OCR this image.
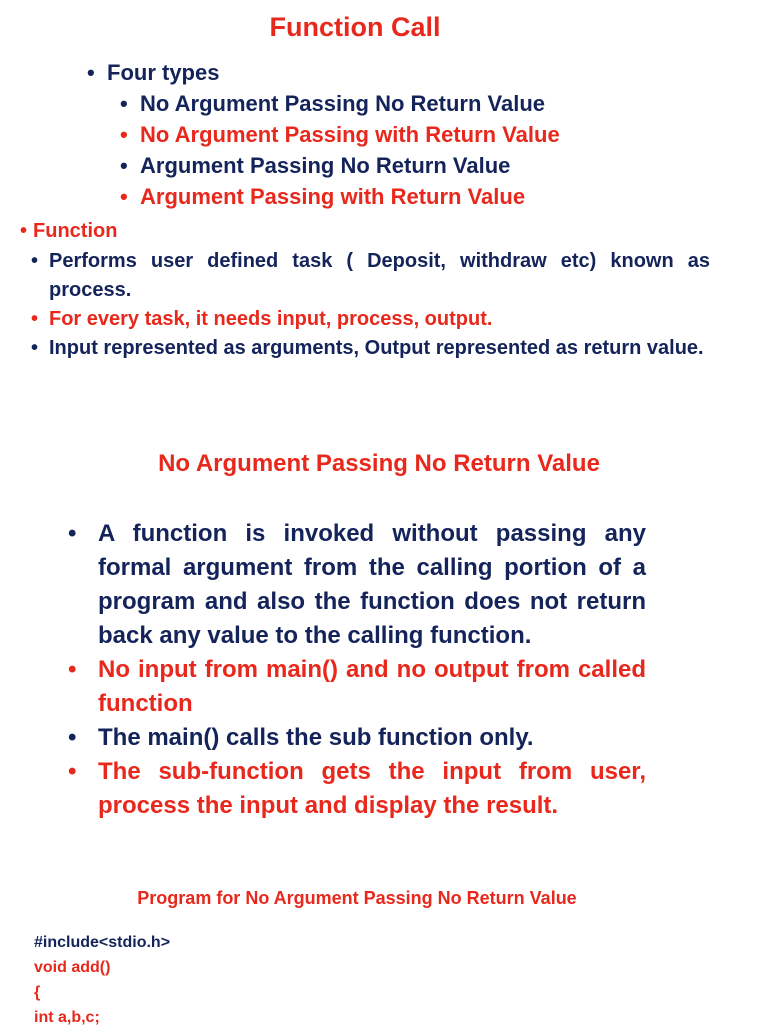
Function Call
• Four types
• No Argument Passing No Return Value
• No Argument Passing with Return Value
• Argument Passing No Return Value
• Argument Passing with Return Value
• Function
Performs user defined task ( Deposit, withdraw etc) known as process.
For every task, it needs input, process, output.
Input represented as arguments, Output represented as return value.
No Argument Passing No Return Value
• A function is invoked without passing any formal argument from the calling portion of a program and also the function does not return back any value to the calling function.
• No input from main() and no output from called function
• The main() calls the sub function only.
• The sub-function gets the input from user, process the input and display the result.
Program for No Argument Passing No Return Value
#include<stdio.h>
void add()
{
int a,b,c;
